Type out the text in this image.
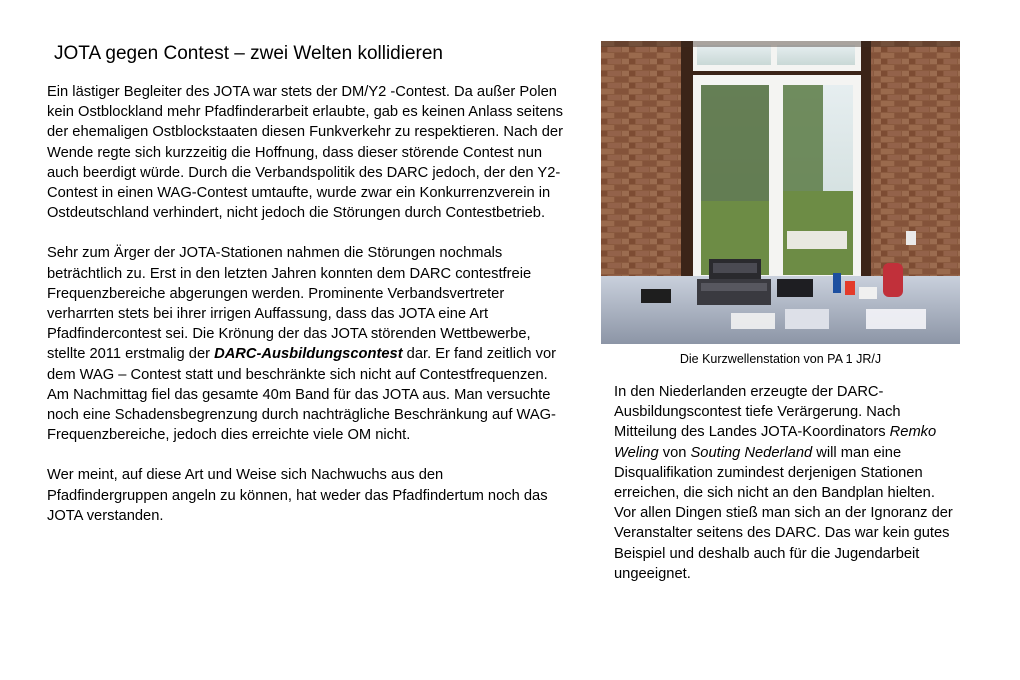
JOTA gegen Contest – zwei Welten kollidieren

Ein lästiger Begleiter des JOTA war stets der DM/Y2 -Contest. Da außer Polen kein Ostblockland mehr Pfadfinderarbeit erlaubte, gab es keinen Anlass seitens der ehemaligen Ostblockstaaten diesen Funkverkehr zu respektieren. Nach der Wende regte sich kurzzeitig die Hoffnung, dass dieser störende Contest nun auch beerdigt würde. Durch die Verbandspolitik des DARC jedoch, der den Y2-Contest in einen WAG-Contest umtaufte, wurde zwar ein Konkurrenzverein in Ostdeutschland verhindert, nicht jedoch die Störungen durch Contestbetrieb.

Sehr zum Ärger der JOTA-Stationen nahmen die Störungen nochmals beträchtlich zu. Erst in den letzten Jahren konnten dem DARC contestfreie Frequenzbereiche abgerungen werden. Prominente Verbandsvertreter verharrten stets bei ihrer irrigen Auffassung, dass das JOTA eine Art Pfadfindercontest sei. Die Krönung der das JOTA störenden Wettbewerbe, stellte 2011 erstmalig der DARC-Ausbildungscontest dar. Er fand zeitlich vor dem WAG – Contest statt und beschränkte sich nicht auf Contestfrequenzen. Am Nachmittag fiel das gesamte 40m Band für das JOTA aus. Man versuchte noch eine Schadensbegrenzung durch nachträgliche Beschränkung auf WAG-Frequenzbereiche, jedoch dies erreichte viele OM nicht.

Wer meint, auf diese Art und Weise sich Nachwuchs aus den Pfadfindergruppen angeln zu können, hat weder das Pfadfindertum noch das JOTA verstanden.

Die Kurzwellenstation von PA 1 JR/J

In den Niederlanden erzeugte der DARC-Ausbildungscontest tiefe Verärgerung. Nach Mitteilung des Landes JOTA-Koordinators Remko Weling von Souting Nederland will man eine Disqualifikation zumindest derjenigen Stationen erreichen, die sich nicht an den Bandplan hielten. Vor allen Dingen stieß man sich an der Ignoranz der Veranstalter seitens des DARC. Das war kein gutes Beispiel und deshalb auch für die Jugendarbeit ungeeignet.
